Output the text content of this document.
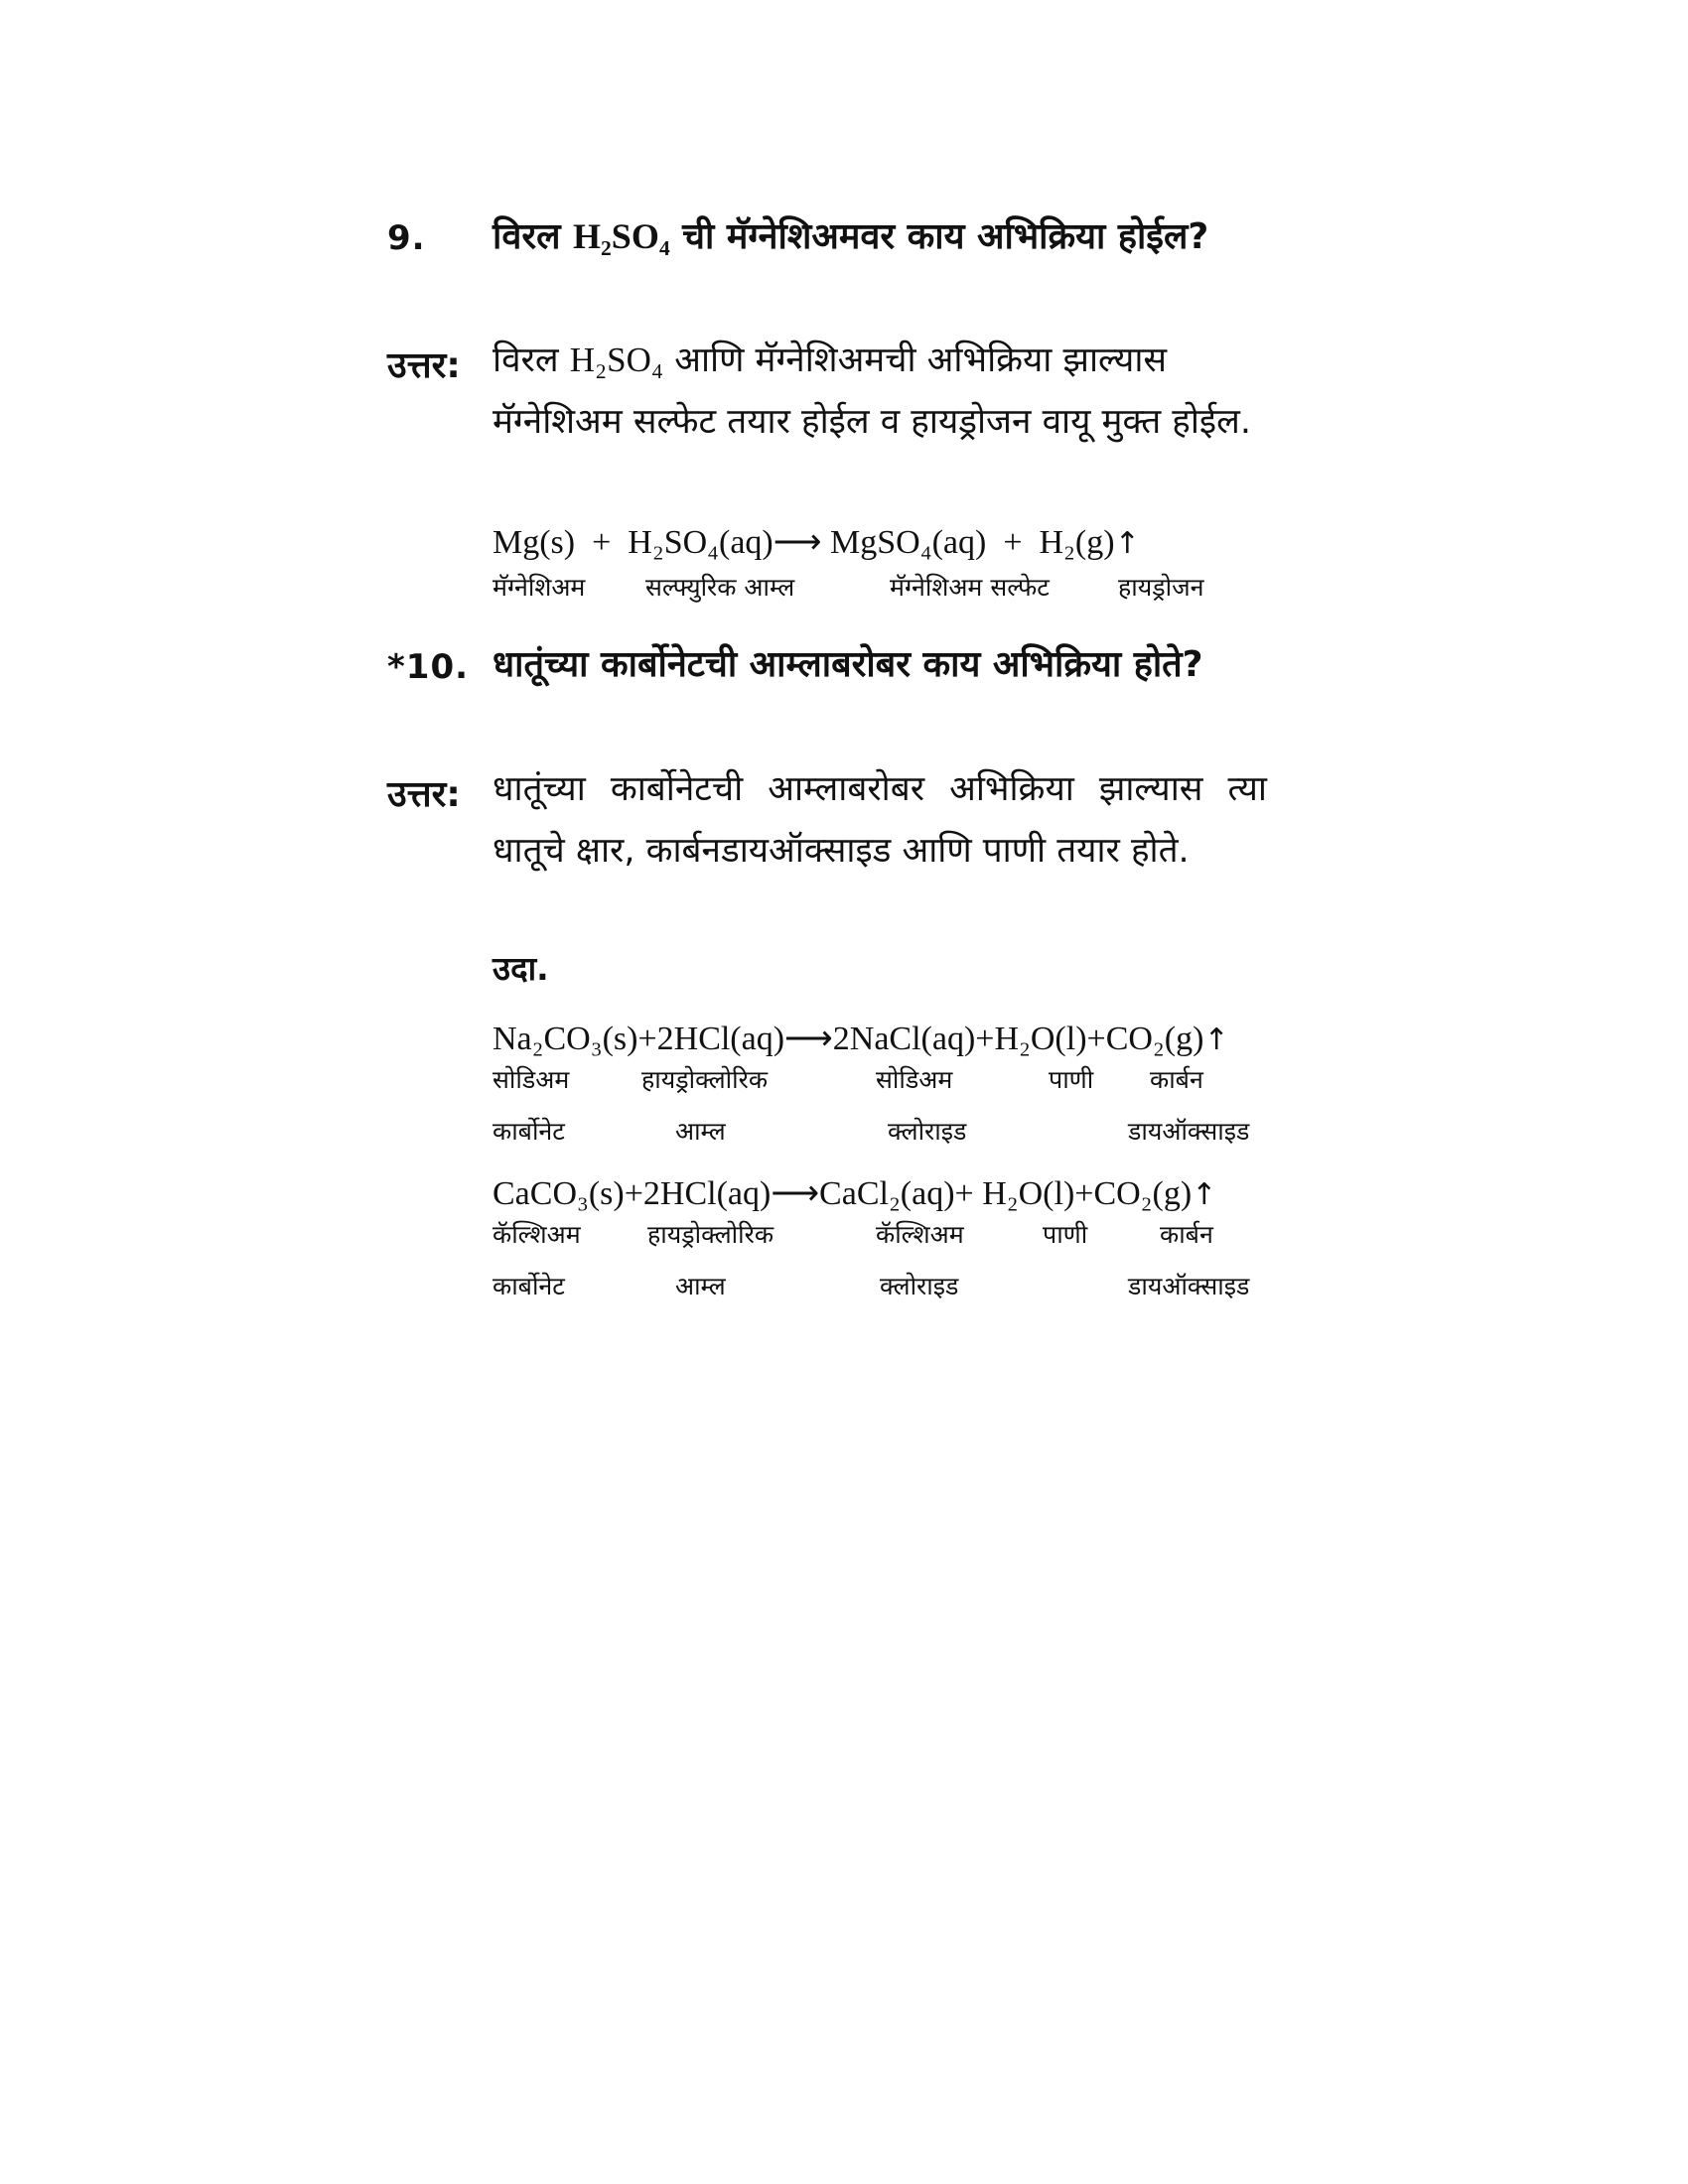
9. विरल H₂SO₄ ची मॅग्नेशिअमवर काय अभिक्रिया होईल?
उत्तर: विरल H₂SO₄ आणि मॅग्नेशिअमची अभिक्रिया झाल्यास मॅग्नेशिअम सल्फेट तयार होईल व हायड्रोजन वायू मुक्त होईल.
Mg(s) + H₂SO₄(aq)⟶ MgSO₄(aq) + H₂(g)↑
मॅग्नेशिअम सल्फ्युरिक आम्ल	मॅग्नेशिअम सल्फेट	हायड्रोजन
*10. धातूंच्या कार्बोनेटची आम्लाबरोबर काय अभिक्रिया होते?
उत्तर: धातूंच्या कार्बोनेटची आम्लाबरोबर अभिक्रिया झाल्यास त्या धातूचे क्षार, कार्बनडायऑक्साइड आणि पाणी तयार होते.
उदा.
Na₂CO₃(s)+2HCl(aq)⟶2NaCl(aq)+H₂O(l)+CO₂(g)↑
सोडिअम	हायड्रोक्लोरिक	सोडिअम	पाणी कार्बन
कार्बोनेट	आम्ल	क्लोराइड	डायऑक्साइड
CaCO₃(s)+2HCl(aq)⟶CaCl₂(aq)+ H₂O(l)+CO₂(g)↑
कॅल्शिअम	हायड्रोक्लोरिक	कॅल्शिअम	पाणी	कार्बन
कार्बोनेट	आम्ल	क्लोराइड	डायऑक्साइड
